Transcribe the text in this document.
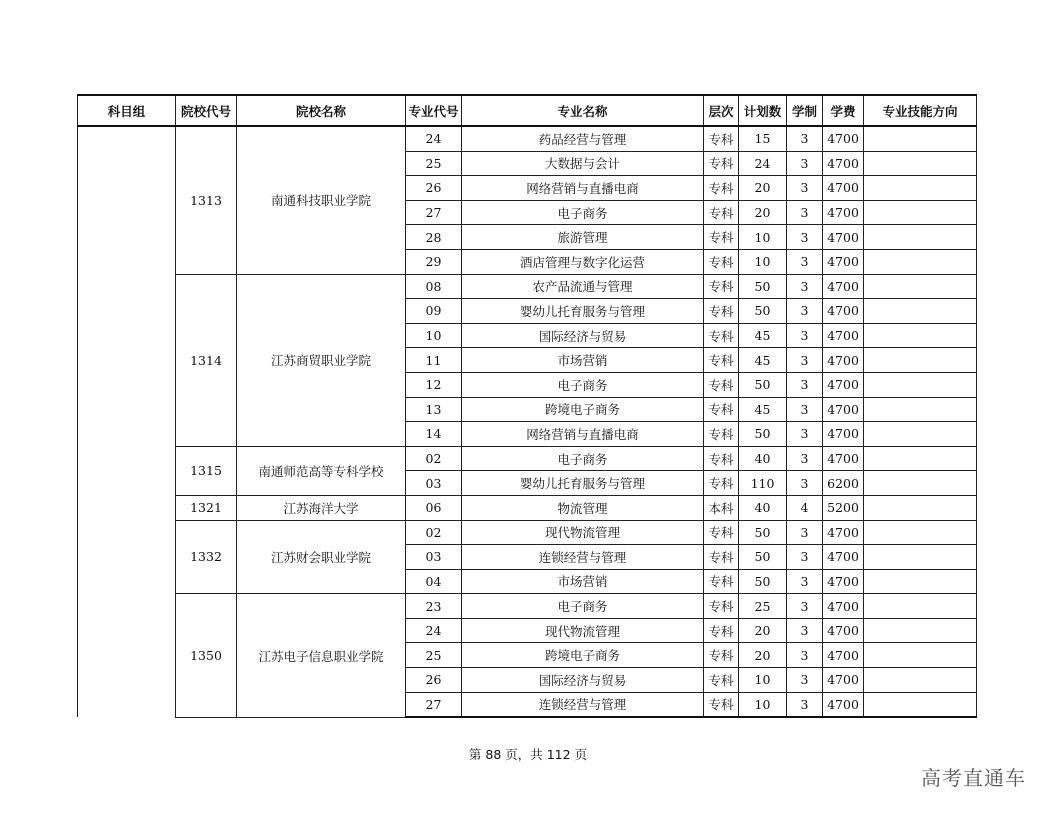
科目组	院校代号	院校名称	专业代号	专业名称	层次	计划数	学制	学费	专业技能方向
	1313	南通科技职业学院	24	药品经营与管理	专科	15	3	4700	
			25	大数据与会计	专科	24	3	4700	
			26	网络营销与直播电商	专科	20	3	4700	
			27	电子商务	专科	20	3	4700	
			28	旅游管理	专科	10	3	4700	
			29	酒店管理与数字化运营	专科	10	3	4700	
	1314	江苏商贸职业学院	08	农产品流通与管理	专科	50	3	4700	
			09	婴幼儿托育服务与管理	专科	50	3	4700	
			10	国际经济与贸易	专科	45	3	4700	
			11	市场营销	专科	45	3	4700	
			12	电子商务	专科	50	3	4700	
			13	跨境电子商务	专科	45	3	4700	
			14	网络营销与直播电商	专科	50	3	4700	
	1315	南通师范高等专科学校	02	电子商务	专科	40	3	4700	
			03	婴幼儿托育服务与管理	专科	110	3	6200	
	1321	江苏海洋大学	06	物流管理	本科	40	4	5200	
	1332	江苏财会职业学院	02	现代物流管理	专科	50	3	4700	
			03	连锁经营与管理	专科	50	3	4700	
			04	市场营销	专科	50	3	4700	
	1350	江苏电子信息职业学院	23	电子商务	专科	25	3	4700	
			24	现代物流管理	专科	20	3	4700	
			25	跨境电子商务	专科	20	3	4700	
			26	国际经济与贸易	专科	10	3	4700	
			27	连锁经营与管理	专科	10	3	4700	
第 88 页，共 112 页
高考直通车
